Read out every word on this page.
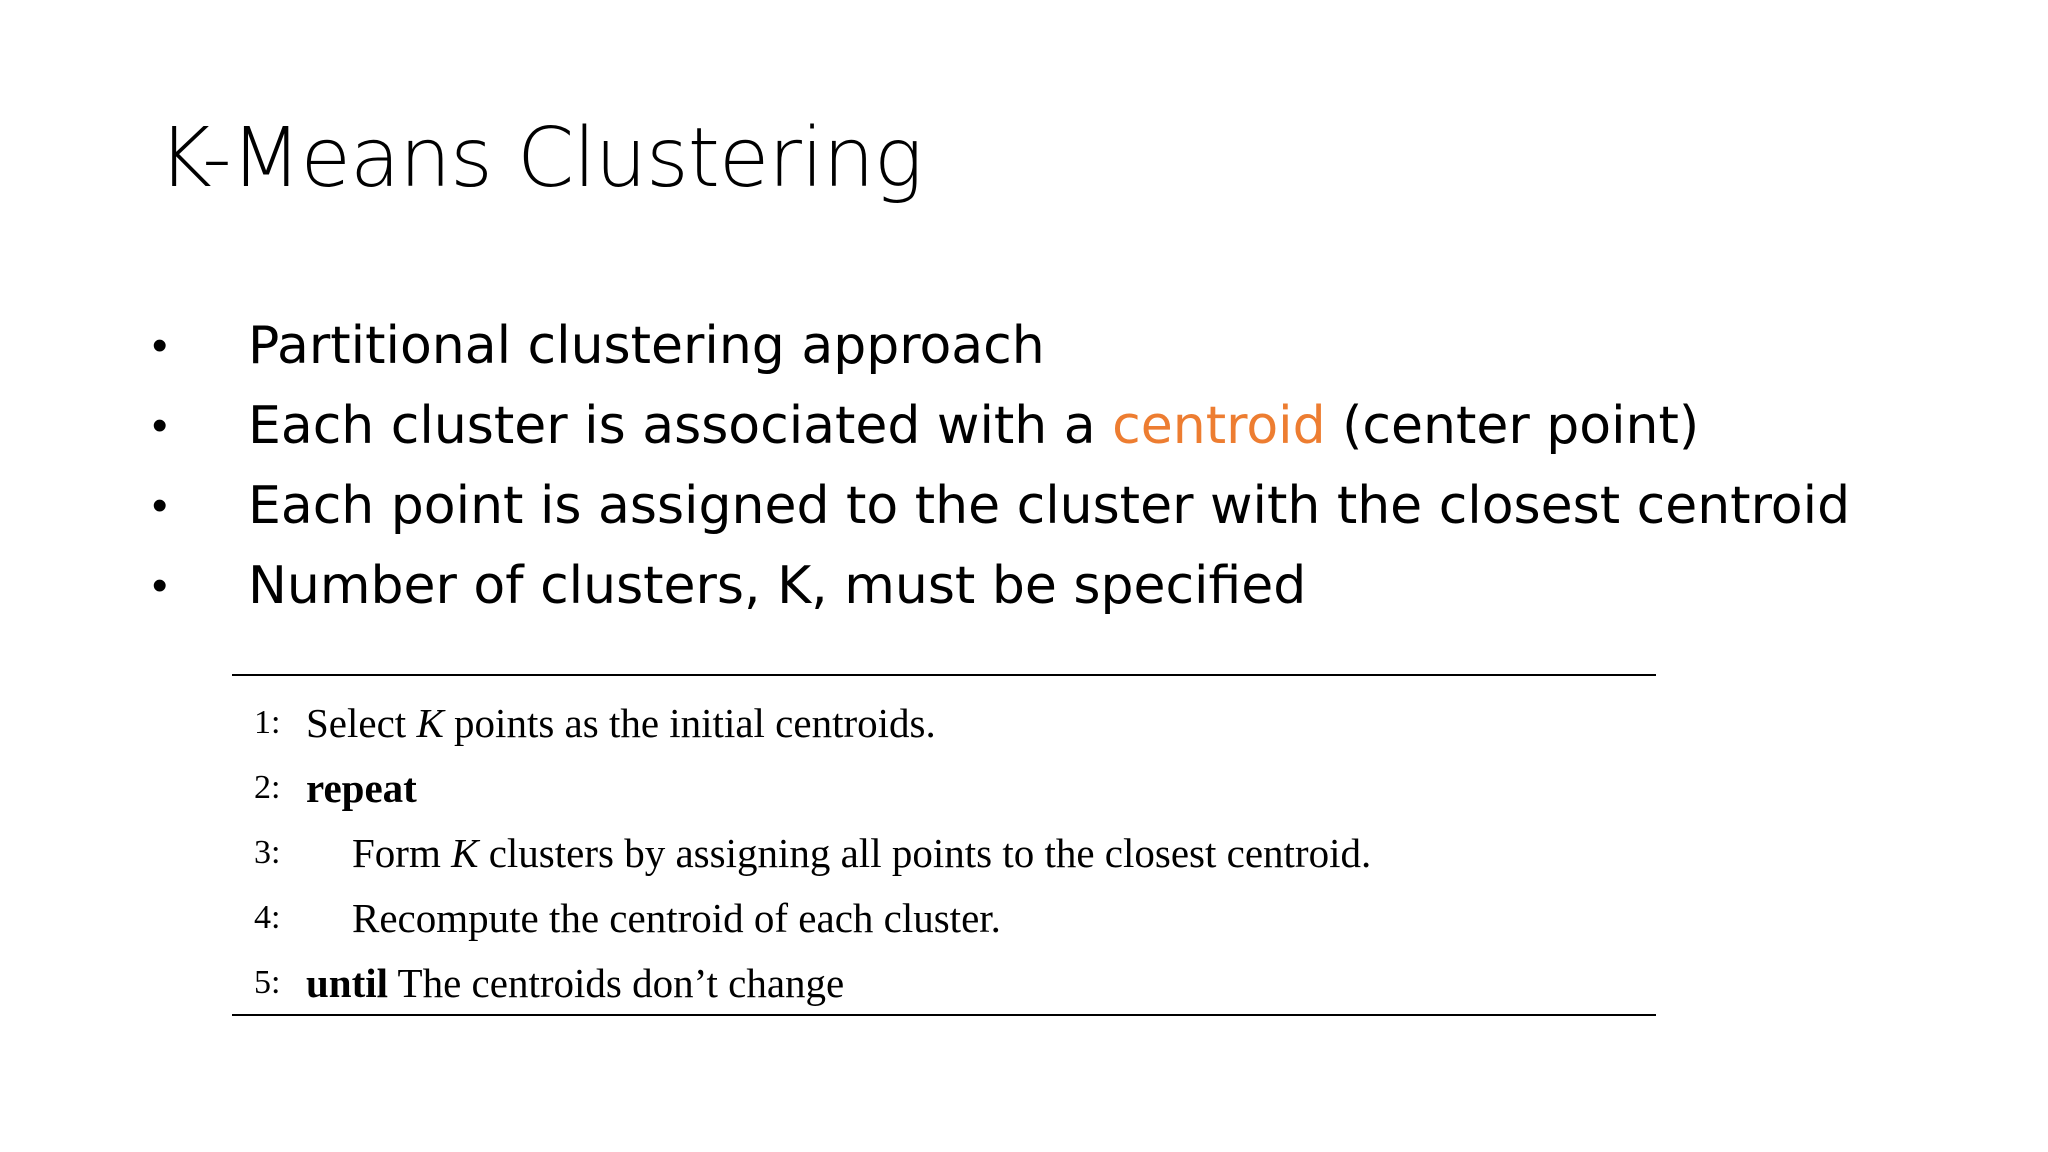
K-Means Clustering
•	Partitional clustering approach
•	Each cluster is associated with a centroid (center point)
•	Each point is assigned to the cluster with the closest centroid
•	Number of clusters, K, must be specified
1: Select K points as the initial centroids.
2: repeat
3:	Form K clusters by assigning all points to the closest centroid.
4:	Recompute the centroid of each cluster.
5: until The centroids don’t change
